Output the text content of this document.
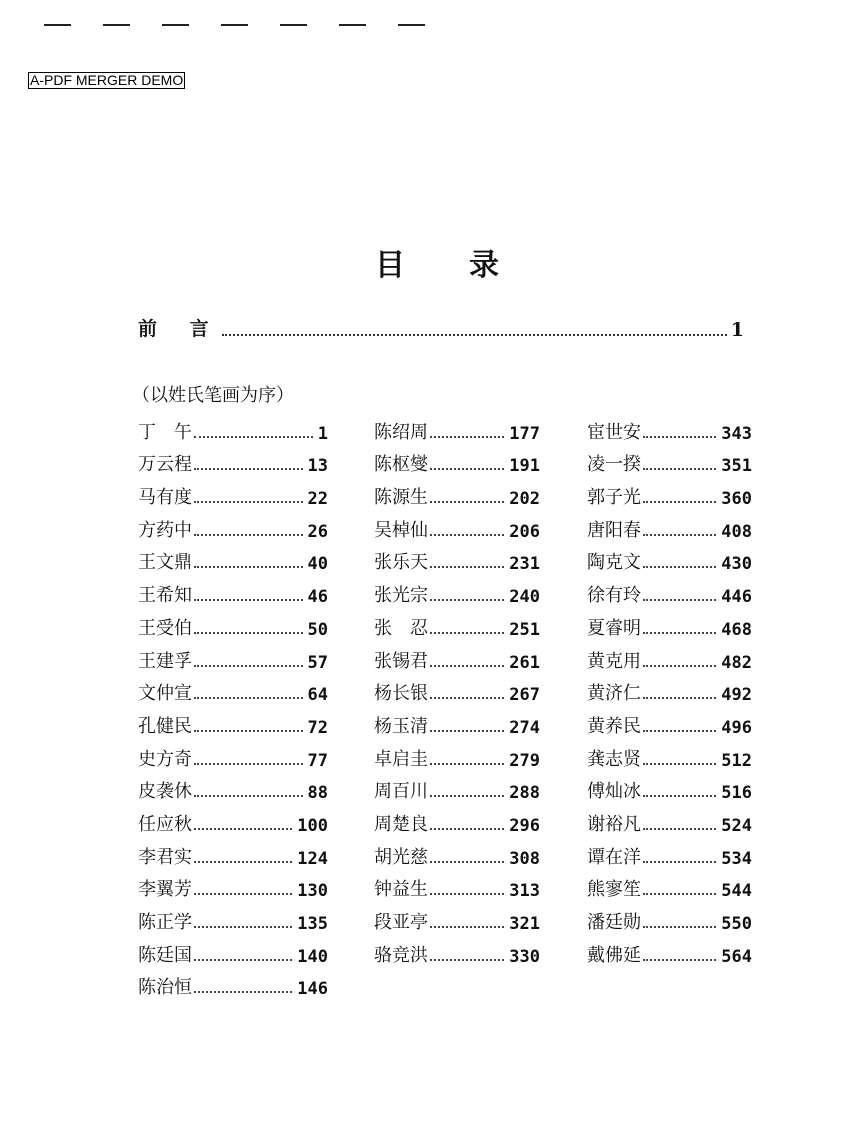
A-PDF MERGER DEMO
目 录
前 言	1
（以姓氏笔画为序）
丁　午	1
万云程	13
马有度	22
方药中	26
王文鼎	40
王希知	46
王受伯	50
王建孚	57
文仲宣	64
孔健民	72
史方奇	77
皮袭休	88
任应秋	100
李君实	124
李翼芳	130
陈正学	135
陈廷国	140
陈治恒	146
陈绍周	177
陈枢燮	191
陈源生	202
吴棹仙	206
张乐天	231
张光宗	240
张　忍	251
张锡君	261
杨长银	267
杨玉清	274
卓启圭	279
周百川	288
周楚良	296
胡光慈	308
钟益生	313
段亚亭	321
骆竞洪	330
宦世安	343
凌一揆	351
郭子光	360
唐阳春	408
陶克文	430
徐有玲	446
夏睿明	468
黄克用	482
黄济仁	492
黄养民	496
龚志贤	512
傅灿冰	516
谢裕凡	524
谭在洋	534
熊寥笙	544
潘廷勋	550
戴佛延	564
